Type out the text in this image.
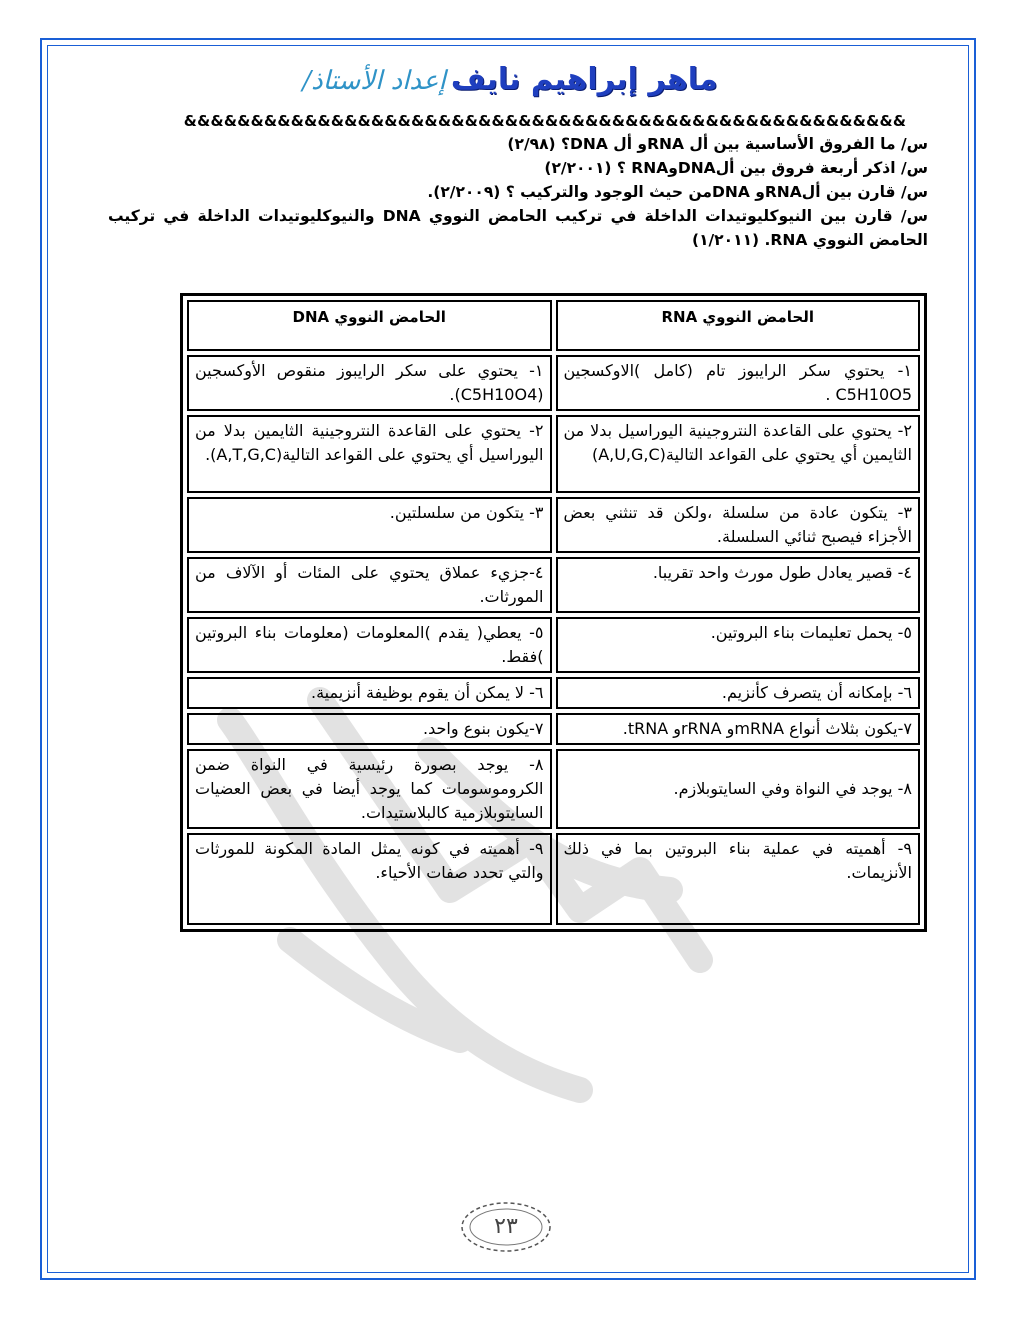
ماهر إبراهيم نايف إعداد الأستاذ/
&&&&&&&&&&&&&&&&&&&&&&&&&&&&&&&&&&&&&&&&&&&&&&&&&&&&&&

س/ ما الفروق الأساسية بين أل RNAو أل DNA؟ (٢/٩٨)

س/ اذكر أربعة فروق بين ألDNAوRNA ؟ (٢/٢٠٠١)

س/ قارن بين ألRNAو DNAمن حيث الوجود والتركيب ؟ (٢/٢٠٠٩).

س/ قارن بين النيوكليوتيدات الداخلة في تركيب الحامض النووي DNA والنيوكليوتيدات الداخلة في تركيب الحامض النووي RNA. (١/٢٠١١)

الحامض النووي RNA	الحامض النووي DNA
١- يحتوي سكر الرايبوز تام (كامل )الاوكسجين C5H10O5 .	١- يحتوي على سكر الرايبوز منقوص الأوكسجين (C5H10O4).
٢- يحتوي على القاعدة النتروجينية اليوراسيل بدلا من الثايمين أي يحتوي على القواعد التالية(A,U,G,C)	٢- يحتوي على القاعدة النتروجينية الثايمين بدلا من اليوراسيل أي يحتوي على القواعد التالية(A,T,G,C).
٣- يتكون عادة من سلسلة ،ولكن قد تنثني بعض الأجزاء فيصبح ثنائي السلسلة.	٣- يتكون من سلسلتين.
٤- قصير يعادل طول مورث واحد تقريبا.	٤-جزيء عملاق يحتوي على المئات أو الآلاف من المورثات.
٥- يحمل تعليمات بناء البروتين.	٥- يعطي( يقدم )المعلومات (معلومات بناء البروتين )فقط.
٦- بإمكانه أن يتصرف كأنزيم.	٦- لا يمكن أن يقوم بوظيفة أنزيمية.
٧-يكون بثلاث أنواع mRNAو rRNAو tRNA.	٧-يكون بنوع واحد.
٨- يوجد في النواة وفي السايتوبلازم.	٨- يوجد بصورة رئيسية في النواة ضمن الكروموسومات كما يوجد أيضا في بعض العضيات السايتوبلازمية كالبلاستيدات.
٩- أهميته في عملية بناء البروتين بما في ذلك الأنزيمات.	٩- أهميته في كونه يمثل المادة المكونة للمورثات والتي تحدد صفات الأحياء.
٢٣
